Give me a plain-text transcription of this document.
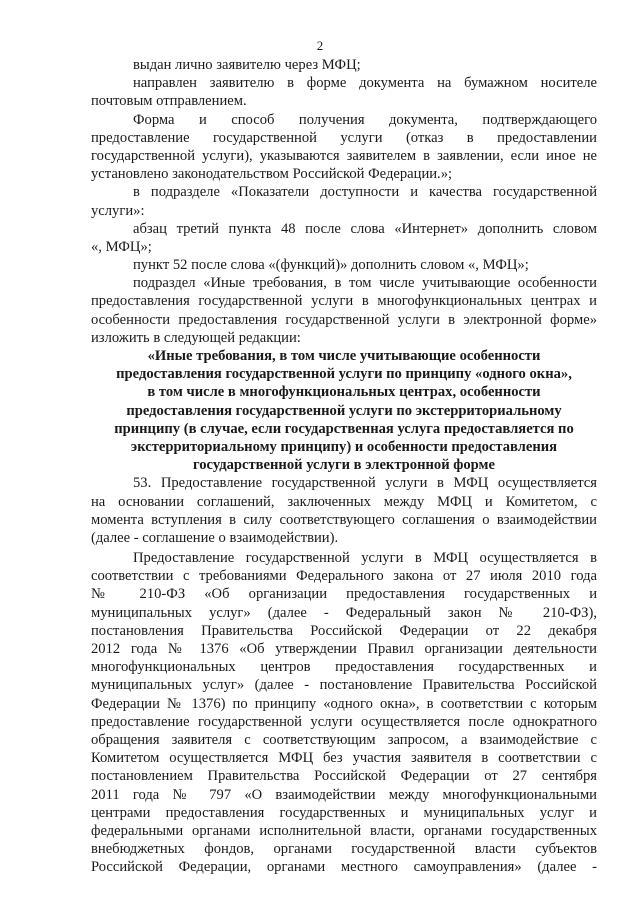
2
выдан лично заявителю через МФЦ;
направлен заявителю в форме документа на бумажном носителе
почтовым отправлением.
Форма и способ получения документа, подтверждающего
предоставление государственной услуги (отказ в предоставлении
государственной услуги), указываются заявителем в заявлении, если иное не
установлено законодательством Российской Федерации.»;
в подразделе «Показатели доступности и качества государственной
услуги»:
абзац третий пункта 48 после слова «Интернет» дополнить словом
«, МФЦ»;
пункт 52 после слова «(функций)» дополнить словом «, МФЦ»;
подраздел «Иные требования, в том числе учитывающие особенности
предоставления государственной услуги в многофункциональных центрах и
особенности предоставления государственной услуги в электронной форме»
изложить в следующей редакции:
«Иные требования, в том числе учитывающие особенности
предоставления государственной услуги по принципу «одного окна»,
в том числе в многофункциональных центрах, особенности
предоставления государственной услуги по экстерриториальному
принципу (в случае, если государственная услуга предоставляется по
экстерриториальному принципу) и особенности предоставления
государственной услуги в электронной форме
53. Предоставление государственной услуги в МФЦ осуществляется
на основании соглашений, заключенных между МФЦ и Комитетом, с
момента вступления в силу соответствующего соглашения о взаимодействии
(далее - соглашение о взаимодействии).
Предоставление государственной услуги в МФЦ осуществляется в
соответствии с требованиями Федерального закона от 27 июля 2010 года
№ 210-ФЗ «Об организации предоставления государственных и
муниципальных услуг» (далее - Федеральный закон № 210-ФЗ),
постановления Правительства Российской Федерации от 22 декабря
2012 года № 1376 «Об утверждении Правил организации деятельности
многофункциональных центров предоставления государственных и
муниципальных услуг» (далее - постановление Правительства Российской
Федерации № 1376) по принципу «одного окна», в соответствии с которым
предоставление государственной услуги осуществляется после однократного
обращения заявителя с соответствующим запросом, а взаимодействие с
Комитетом осуществляется МФЦ без участия заявителя в соответствии с
постановлением Правительства Российской Федерации от 27 сентября
2011 года № 797 «О взаимодействии между многофункциональными
центрами предоставления государственных и муниципальных услуг и
федеральными органами исполнительной власти, органами государственных
внебюджетных фондов, органами государственной власти субъектов
Российской Федерации, органами местного самоуправления» (далее -
